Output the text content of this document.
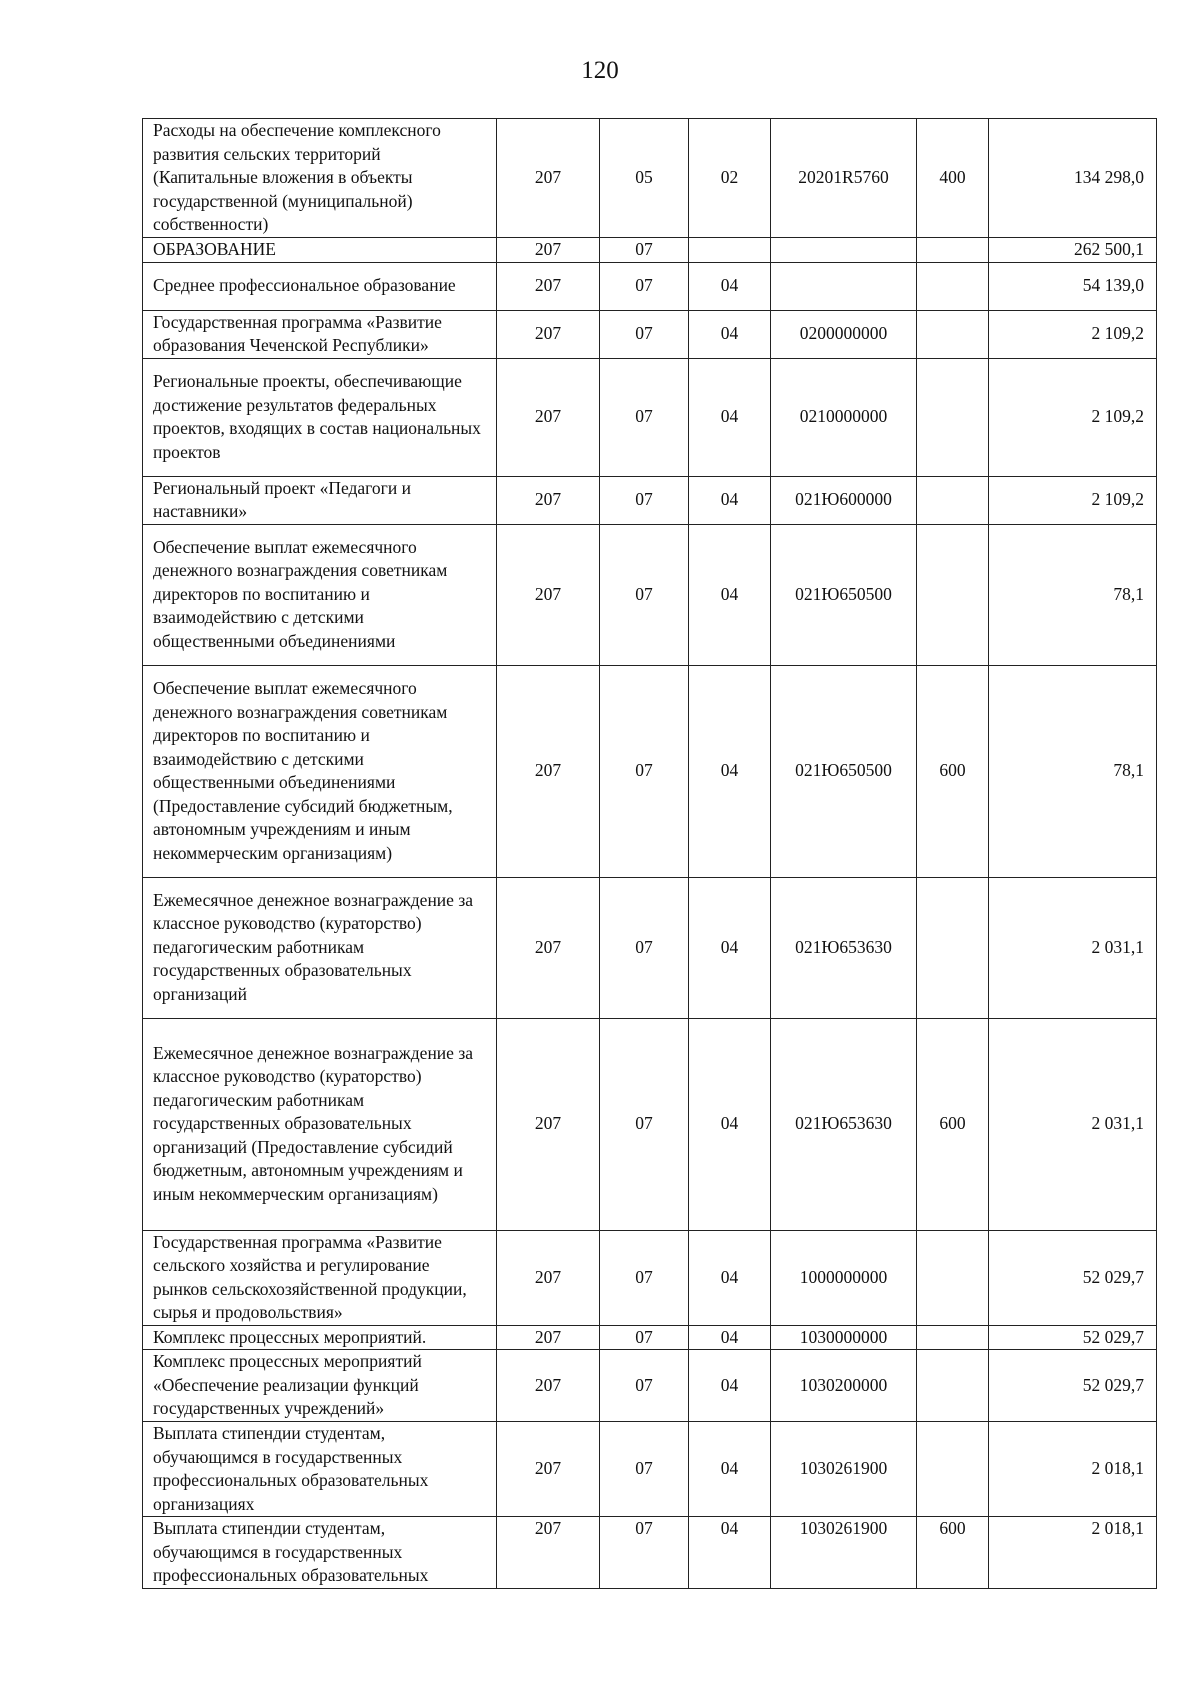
120
Расходы на обеспечение комплексного развития сельских территорий (Капитальные вложения в объекты государственной (муниципальной) собственности)	207	05	02	20201R5760	400	134 298,0
ОБРАЗОВАНИЕ	207	07				262 500,1
Среднее профессиональное образование	207	07	04			54 139,0
Государственная программа «Развитие образования Чеченской Республики»	207	07	04	0200000000		2 109,2
Региональные проекты, обеспечивающие достижение результатов федеральных проектов, входящих в состав национальных проектов	207	07	04	0210000000		2 109,2
Региональный проект «Педагоги и наставники»	207	07	04	021Ю600000		2 109,2
Обеспечение выплат ежемесячного денежного вознаграждения советникам директоров по воспитанию и взаимодействию с детскими общественными объединениями	207	07	04	021Ю650500		78,1
Обеспечение выплат ежемесячного денежного вознаграждения советникам директоров по воспитанию и взаимодействию с детскими общественными объединениями (Предоставление субсидий бюджетным, автономным учреждениям и иным некоммерческим организациям)	207	07	04	021Ю650500	600	78,1
Ежемесячное денежное вознаграждение за классное руководство (кураторство) педагогическим работникам государственных образовательных организаций	207	07	04	021Ю653630		2 031,1
Ежемесячное денежное вознаграждение за классное руководство (кураторство) педагогическим работникам государственных образовательных организаций (Предоставление субсидий бюджетным, автономным учреждениям и иным некоммерческим организациям)	207	07	04	021Ю653630	600	2 031,1
Государственная программа «Развитие сельского хозяйства и регулирование рынков сельскохозяйственной продукции, сырья и продовольствия»	207	07	04	1000000000		52 029,7
Комплекс процессных мероприятий.	207	07	04	1030000000		52 029,7
Комплекс процессных мероприятий «Обеспечение реализации функций государственных учреждений»	207	07	04	1030200000		52 029,7
Выплата стипендии студентам, обучающимся в государственных профессиональных образовательных организациях	207	07	04	1030261900		2 018,1
Выплата стипендии студентам, обучающимся в государственных профессиональных образовательных	207	07	04	1030261900	600	2 018,1
